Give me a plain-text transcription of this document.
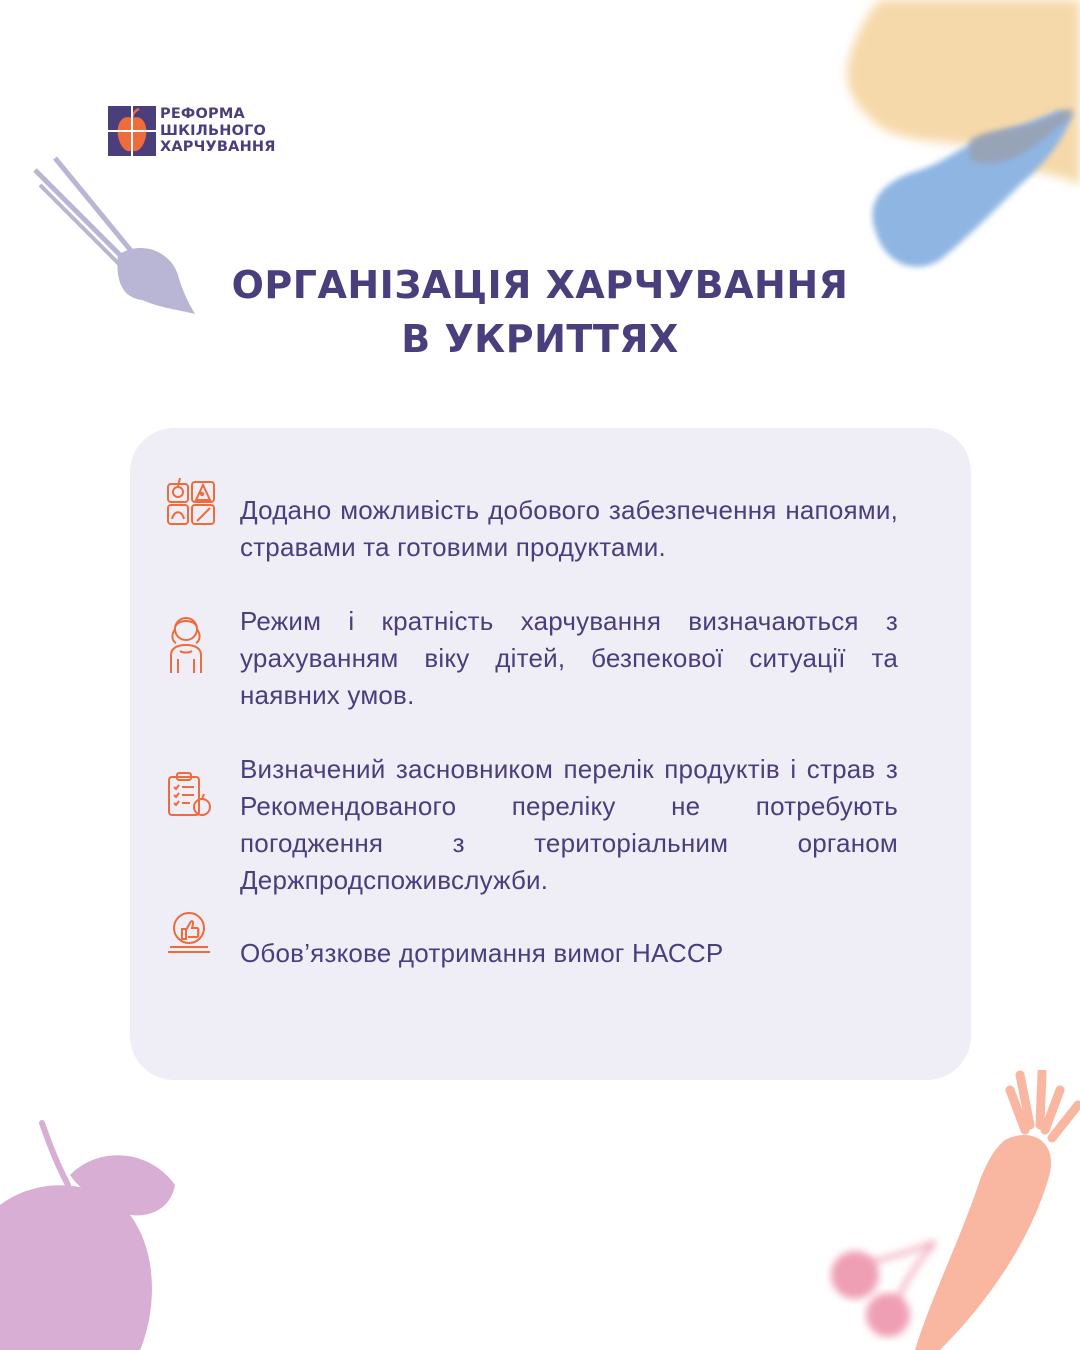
РЕФОРМА
ШКІЛЬНОГО
ХАРЧУВАННЯ
ОРГАНІЗАЦІЯ ХАРЧУВАННЯ
В УКРИТТЯХ
Додано можливість добового забезпечення напоями, стравами та готовими продуктами.
Режим і кратність харчування визначаються з урахуванням віку дітей, безпекової ситуації та наявних умов.
Визначений засновником перелік продуктів і страв з Рекомендованого переліку не потребують погодження з територіальним органом Держпродспоживслужби.
Обов’язкове дотримання вимог НАССР
